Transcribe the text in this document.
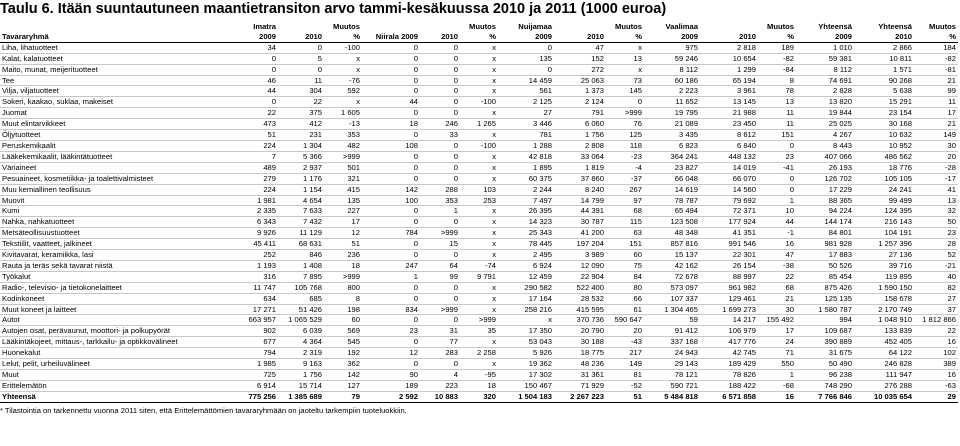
Taulu 6. Itään suuntautuneen maantietransiton arvo tammi-kesäkuussa 2010 ja 2011 (1000 euroa)
	Imatra		Muutos			Muutos	Nuijamaa		Muutos	Vaalimaa		Muutos	Yhteensä	Yhteensä	Muutos	
Tavararyhmä	2009	2010	%	Niirala 2009	2010	%	2009	2010	%	2009	2010	%	2009	2010	%	
Liha, lihatuotteet	34	0	-100	0	0	x	0	47	x	975	2 818	189	1 010	2 866	184	
Kalat, kalatuotteet	0	5	x	0	0	x	135	152	13	59 246	10 654	-82	59 381	10 811	-82	
Maito, munat, meijerituotteet	0	0	x	0	0	x	0	272	x	8 112	1 299	-84	8 112	1 571	-81	
Tee	46	11	-76	0	0	x	14 459	25 063	73	60 186	65 194	8	74 691	90 268	21	
Vilja, viljatuotteet	44	304	592	0	0	x	561	1 373	145	2 223	3 961	78	2 828	5 638	99	
Sokeri, kaakao, suklaa, makeiset	0	22	x	44	0	-100	2 125	2 124	0	11 652	13 145	13	13 820	15 291	11	
Juomat	22	375	1 605	0	0	x	27	791	>999	19 795	21 988	11	19 844	23 154	17	
Muut elintarvikkeet	473	412	-13	18	246	1 265	3 446	6 060	76	21 089	23 450	11	25 025	30 168	21	
Öljytuotteet	51	231	353	0	33	x	781	1 756	125	3 435	8 612	151	4 267	10 632	149	
Peruskemikaalit	224	1 304	482	108	0	-100	1 288	2 808	118	6 823	6 840	0	8 443	10 952	30	
Lääkekemikaalit, lääkintätuotteet	7	5 366	>999	0	0	x	42 818	33 064	-23	364 241	448 132	23	407 066	486 562	20	
Väriaineet	489	2 937	501	0	0	x	1 895	1 819	-4	23 827	14 019	-41	26 193	18 776	-28	
Pesuaineet, kosmetiikka- ja toalettivalmisteet	279	1 176	321	0	0	x	60 375	37 860	-37	66 048	66 070	0	126 702	105 105	-17	
Muu kemiallinen teollisuus	224	1 154	415	142	288	103	2 244	8 240	267	14 619	14 560	0	17 229	24 241	41	
Muovit	1 981	4 654	135	100	353	253	7 497	14 799	97	78 787	79 692	1	88 365	99 499	13	
Kumi	2 335	7 633	227	0	1	x	26 395	44 391	68	65 494	72 371	10	94 224	124 395	32	
Nahka, nahkatuotteet	6 343	7 432	17	0	0	x	14 323	30 787	115	123 508	177 924	44	144 174	216 143	50	
Metsäteollisuustuotteet	9 926	11 129	12	784	>999	x	25 343	41 200	63	48 348	41 351	-1	84 801	104 191	23	
Tekstiilit, vaatteet, jalkineet	45 411	68 631	51	0	15	x	78 445	197 204	151	857 816	991 546	16	981 928	1 257 396	28	
Kivitavarat, keramiikka, lasi	252	846	236	0	0	x	2 495	3 989	60	15 137	22 301	47	17 883	27 136	52	
Rauta ja teräs sekä tavarat niistä	1 193	1 408	18	247	64	-74	6 924	12 090	75	42 162	26 154	-38	50 526	39 716	-21	
Työkalut	316	7 895	>999	1	99	9 791	12 459	22 904	84	72 678	88 997	22	85 454	119 895	40	
Radio-, televisio- ja tietokonelaitteet	11 747	105 768	800	0	0	x	290 582	522 400	80	573 097	961 982	68	875 426	1 590 150	82	
Kodinkoneet	634	685	8	0	0	x	17 164	28 532	66	107 337	129 461	21	125 135	158 678	27	
Muut koneet ja laitteet	17 271	51 426	198	834	>999	x	258 216	415 595	61	1 304 465	1 699 273	30	1 580 787	2 170 749	37	
Autot	663 957	1 065 529	60	0	0	>999	x	370 736	590 647	59	14 217	155 492	994	1 048 910	1 812 866	
Autojen osat, perävaunut, moottori- ja polkupyörät	902	6 039	569	23	31	35	17 350	20 790	20	91 412	106 979	17	109 687	133 839	22	
Lääkintäkojeet, mittaus-, tarkkailu- ja optikkovälineet	677	4 364	545	0	77	x	53 043	30 188	-43	337 168	417 776	24	390 889	452 405	16	
Huonekalut	794	2 319	192	12	283	2 258	5 926	18 775	217	24 943	42 745	71	31 675	64 122	102	
Lelut, pelit, urheiluvälineet	1 985	9 163	362	0	0	x	19 362	48 236	149	29 143	189 429	550	50 490	246 828	389	
Muut	725	1 756	142	90	4	-95	17 302	31 361	81	78 121	78 826	1	96 238	111 947	16	
Erittelemätön	6 914	15 714	127	189	223	18	150 467	71 929	-52	590 721	188 422	-68	748 290	276 288	-63	
Yhteensä	775 256	1 385 689	79	2 592	10 883	320	1 504 183	2 267 223	51	5 484 818	6 571 858	16	7 766 846	10 035 654	29	
* Tilastointia on tarkennettu vuonna 2011 siten, että Erittelemättömien tavararyhmään on jaoteltu tarkempiin tuoteluokkiin.
